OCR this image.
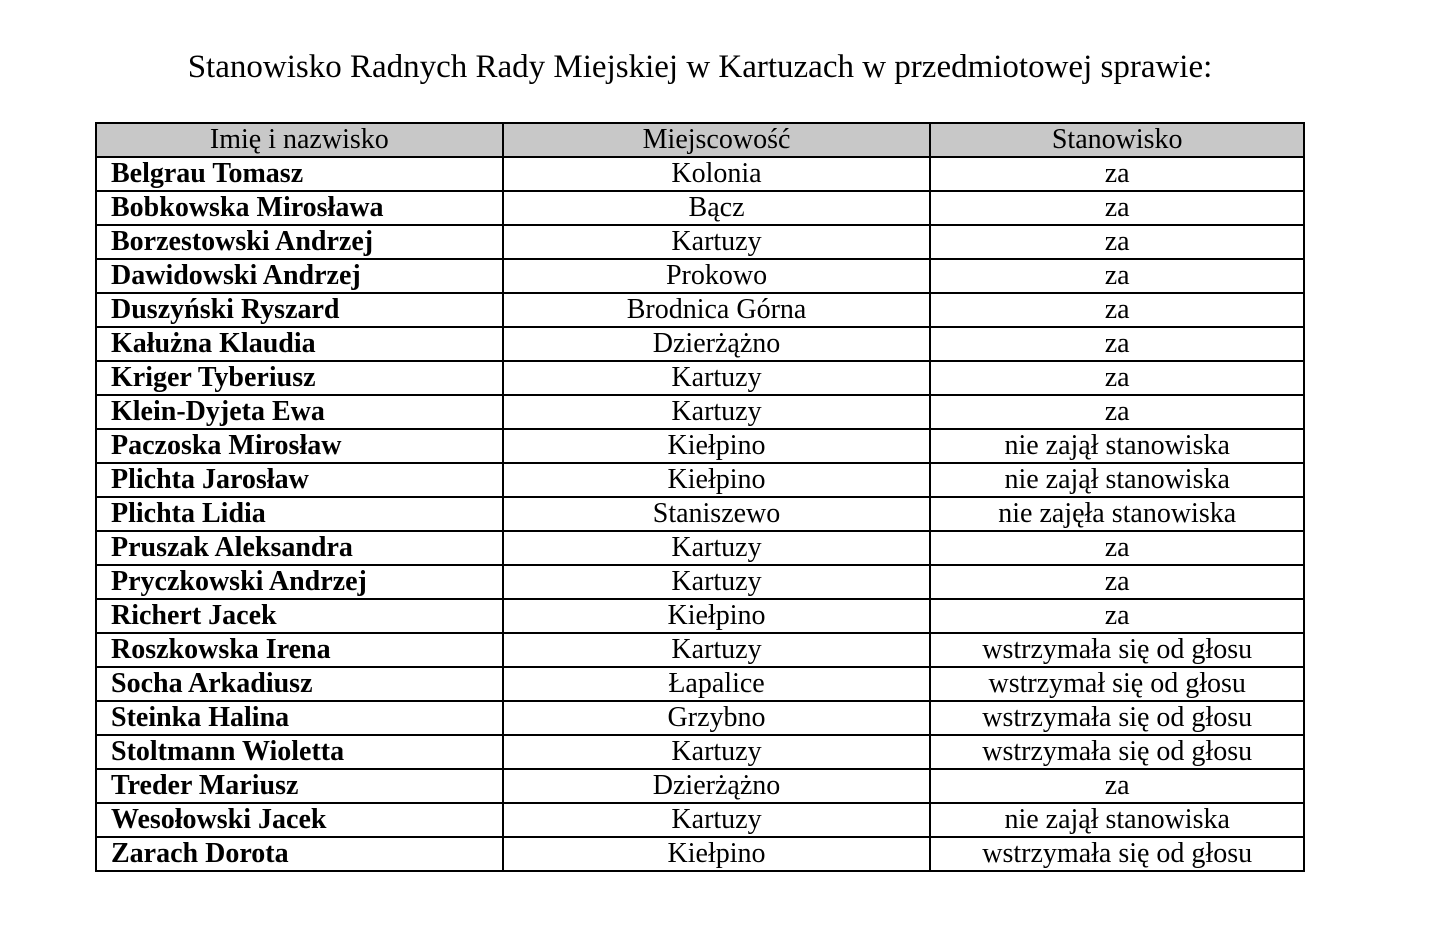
Stanowisko Radnych Rady Miejskiej w Kartuzach w przedmiotowej sprawie:
Imię i nazwisko	Miejscowość	Stanowisko
Belgrau Tomasz	Kolonia	za
Bobkowska Mirosława	Bącz	za
Borzestowski Andrzej	Kartuzy	za
Dawidowski Andrzej	Prokowo	za
Duszyński Ryszard	Brodnica Górna	za
Kałużna Klaudia	Dzierżążno	za
Kriger Tyberiusz	Kartuzy	za
Klein-Dyjeta Ewa	Kartuzy	za
Paczoska Mirosław	Kiełpino	nie zajął stanowiska
Plichta Jarosław	Kiełpino	nie zajął stanowiska
Plichta Lidia	Staniszewo	nie zajęła stanowiska
Pruszak Aleksandra	Kartuzy	za
Pryczkowski Andrzej	Kartuzy	za
Richert Jacek	Kiełpino	za
Roszkowska Irena	Kartuzy	wstrzymała się od głosu
Socha Arkadiusz	Łapalice	wstrzymał się od głosu
Steinka Halina	Grzybno	wstrzymała się od głosu
Stoltmann Wioletta	Kartuzy	wstrzymała się od głosu
Treder Mariusz	Dzierżążno	za
Wesołowski Jacek	Kartuzy	nie zajął stanowiska
Zarach Dorota	Kiełpino	wstrzymała się od głosu
